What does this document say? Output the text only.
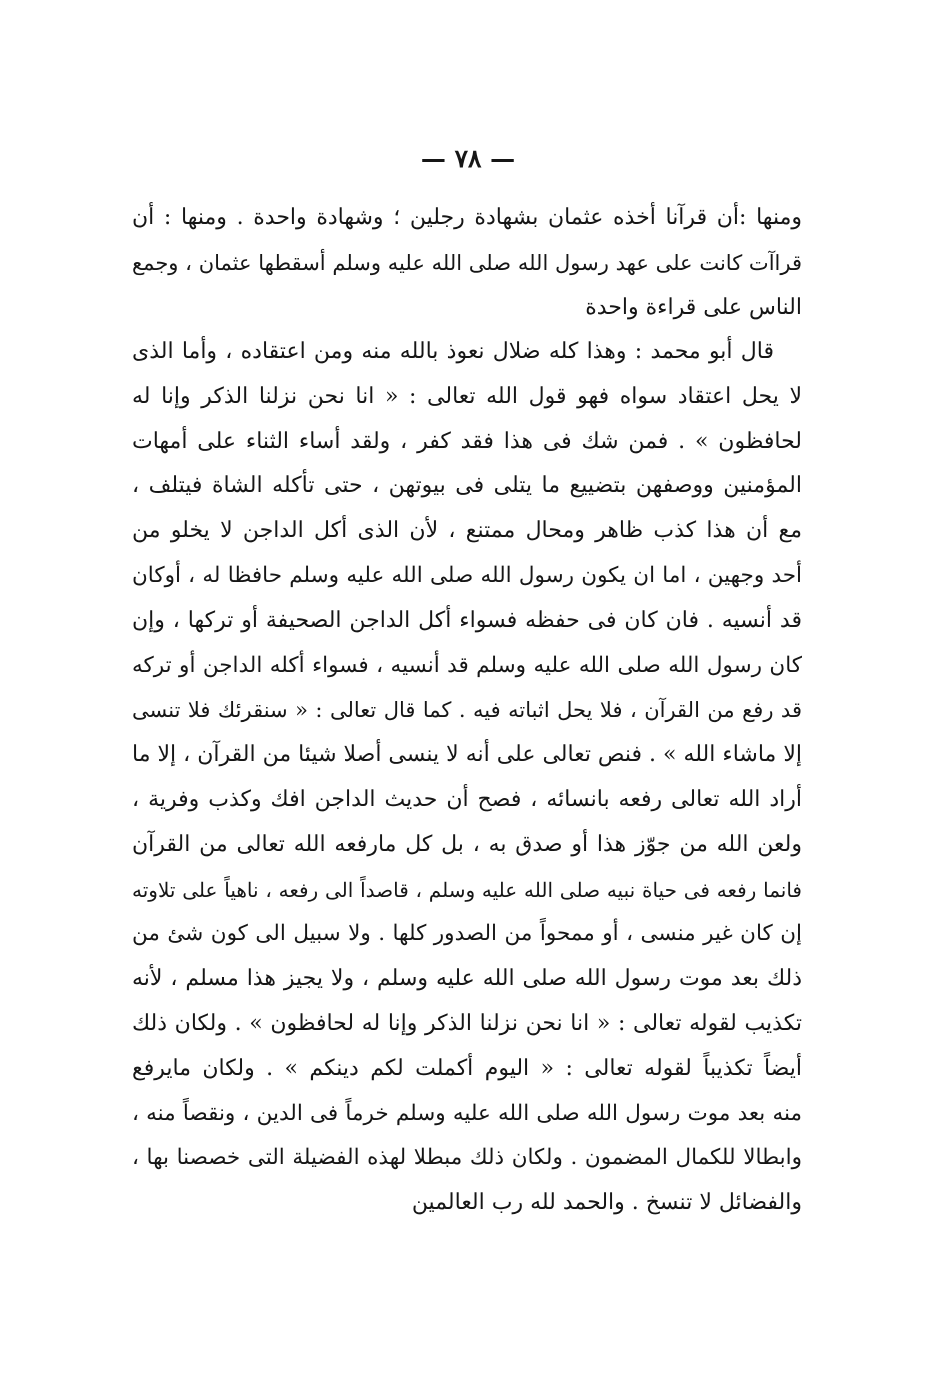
— ٧٨ —
ومنها :أن قرآنا أخذه عثمان بشهادة رجلين ؛ وشهادة واحدة . ومنها : أن
قراآت كانت على عهد رسول الله صلى الله عليه وسلم أسقطها عثمان ، وجمع
الناس على قراءة واحدة
قال أبو محمد : وهذا كله ضلال نعوذ بالله منه ومن اعتقاده ، وأما الذى
لا يحل اعتقاد سواه فهو قول الله تعالى : « انا نحن نزلنا الذكر وإنا له
لحافظون » . فمن شك فى هذا فقد كفر ، ولقد أساء الثناء على أمهات
المؤمنين ووصفهن بتضييع ما يتلى فى بيوتهن ، حتى تأكله الشاة فيتلف ،
مع أن هذا كذب ظاهر ومحال ممتنع ، لأن الذى أكل الداجن لا يخلو من
أحد وجهين ، اما ان يكون رسول الله صلى الله عليه وسلم حافظا له ، أوكان
قد أنسيه . فان كان فى حفظه فسواء أكل الداجن الصحيفة أو تركها ، وإن
كان رسول الله صلى الله عليه وسلم قد أنسيه ، فسواء أكله الداجن أو تركه
قد رفع من القرآن ، فلا يحل اثباته فيه . كما قال تعالى : « سنقرئك فلا تنسى
إلا ماشاء الله » . فنص تعالى على أنه لا ينسى أصلا شيئا من القرآن ، إلا ما
أراد الله تعالى رفعه بانسائه ، فصح أن حديث الداجن افك وكذب وفرية ،
ولعن الله من جوّز هذا أو صدق به ، بل كل مارفعه الله تعالى من القرآن
فانما رفعه فى حياة نبيه صلى الله عليه وسلم ، قاصداً الى رفعه ، ناهياً على تلاوته
إن كان غير منسى ، أو ممحواً من الصدور كلها . ولا سبيل الى كون شئ من
ذلك بعد موت رسول الله صلى الله عليه وسلم ، ولا يجيز هذا مسلم ، لأنه
تكذيب لقوله تعالى : « انا نحن نزلنا الذكر وإنا له لحافظون » . ولكان ذلك
أيضاً تكذيباً لقوله تعالى : « اليوم أكملت لكم دينكم » . ولكان مايرفع
منه بعد موت رسول الله صلى الله عليه وسلم خرماً فى الدين ، ونقصاً منه ،
وابطالا للكمال المضمون . ولكان ذلك مبطلا لهذه الفضيلة التى خصصنا بها ،
والفضائل لا تنسخ . والحمد لله رب العالمين
